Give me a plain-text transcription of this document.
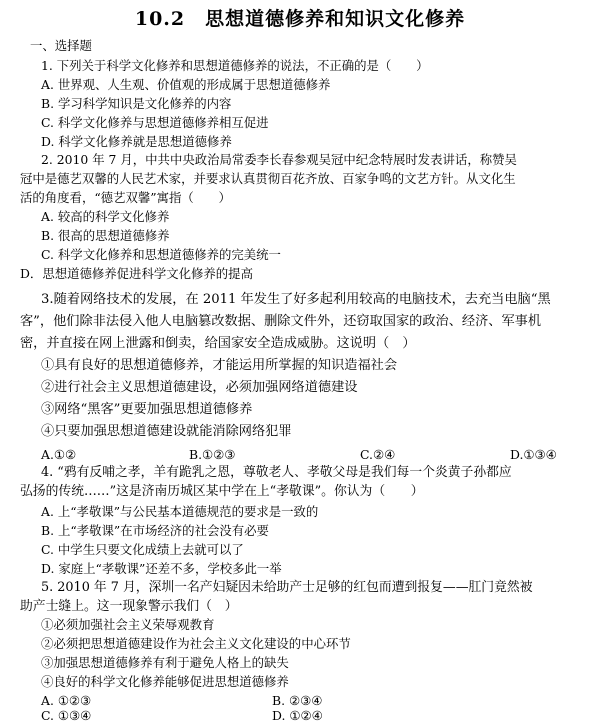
10.2　思想道德修养和知识文化修养
一、选择题
1. 下列关于科学文化修养和思想道德修养的说法，不正确的是（　　）
A. 世界观、人生观、价值观的形成属于思想道德修养
B. 学习科学知识是文化修养的内容
C. 科学文化修养与思想道德修养相互促进
D. 科学文化修养就是思想道德修养
2. 2010 年 7 月，中共中央政治局常委李长春参观吴冠中纪念特展时发表讲话，称赞吴
冠中是德艺双馨的人民艺术家，并要求认真贯彻百花齐放、百家争鸣的文艺方针。从文化生
活的角度看，“德艺双馨”寓指（　　）
A. 较高的科学文化修养
B. 很高的思想道德修养
C. 科学文化修养和思想道德修养的完美统一
D．思想道德修养促进科学文化修养的提高
3.随着网络技术的发展，在 2011 年发生了好多起利用较高的电脑技术，去充当电脑“黑
客”，他们除非法侵入他人电脑篡改数据、删除文件外，还窃取国家的政治、经济、军事机
密，并直接在网上泄露和倒卖，给国家安全造成威胁。这说明（　）
①具有良好的思想道德修养，才能运用所掌握的知识造福社会
②进行社会主义思想道德建设，必须加强网络道德建设
③网络“黑客”更要加强思想道德修养
④只要加强思想道德建设就能消除网络犯罪
A.①②	B.①②③	C.②④	D.①③④
4. “鸦有反哺之孝，羊有跪乳之恩，尊敬老人、孝敬父母是我们每一个炎黄子孙都应
弘扬的传统……”这是济南历城区某中学在上“孝敬课”。你认为（　　）
A. 上“孝敬课”与公民基本道德规范的要求是一致的
B. 上“孝敬课”在市场经济的社会没有必要
C. 中学生只要文化成绩上去就可以了
D. 家庭上“孝敬课”还差不多，学校多此一举
5. 2010 年 7 月，深圳一名产妇疑因未给助产士足够的红包而遭到报复——肛门竟然被
助产士缝上。这一现象警示我们（　）
①必须加强社会主义荣辱观教育
②必须把思想道德建设作为社会主义文化建设的中心环节
③加强思想道德修养有利于避免人格上的缺失
④良好的科学文化修养能够促进思想道德修养
A. ①②③	B. ②③④
C. ①③④	D. ①②④
